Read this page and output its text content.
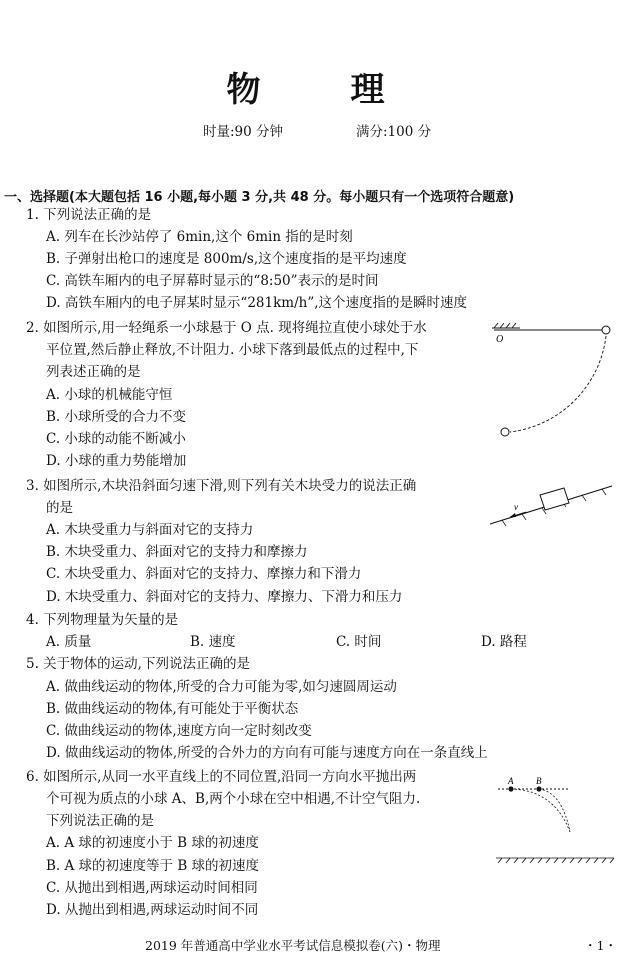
物　理
时量:90 分钟	满分:100 分
一、选择题(本大题包括 16 小题,每小题 3 分,共 48 分。每小题只有一个选项符合题意)
1. 下列说法正确的是
A. 列车在长沙站停了 6min,这个 6min 指的是时刻
B. 子弹射出枪口的速度是 800m/s,这个速度指的是平均速度
C. 高铁车厢内的电子屏幕时显示的“8:50”表示的是时间
D. 高铁车厢内的电子屏某时显示“281km/h”,这个速度指的是瞬时速度
2. 如图所示,用一轻绳系一小球悬于 O 点. 现将绳拉直使小球处于水
平位置,然后静止释放,不计阻力. 小球下落到最低点的过程中,下
列表述正确的是
A. 小球的机械能守恒
B. 小球所受的合力不变
C. 小球的动能不断减小
D. 小球的重力势能增加
O
3. 如图所示,木块沿斜面匀速下滑,则下列有关木块受力的说法正确
的是
A. 木块受重力与斜面对它的支持力
B. 木块受重力、斜面对它的支持力和摩擦力
C. 木块受重力、斜面对它的支持力、摩擦力和下滑力
D. 木块受重力、斜面对它的支持力、摩擦力、下滑力和压力
v
4. 下列物理量为矢量的是
A. 质量	B. 速度	C. 时间	D. 路程
5. 关于物体的运动,下列说法正确的是
A. 做曲线运动的物体,所受的合力可能为零,如匀速圆周运动
B. 做曲线运动的物体,有可能处于平衡状态
C. 做曲线运动的物体,速度方向一定时刻改变
D. 做曲线运动的物体,所受的合外力的方向有可能与速度方向在一条直线上
6. 如图所示,从同一水平直线上的不同位置,沿同一方向水平抛出两
个可视为质点的小球 A、B,两个小球在空中相遇,不计空气阻力.
下列说法正确的是
A. A 球的初速度小于 B 球的初速度
B. A 球的初速度等于 B 球的初速度
C. 从抛出到相遇,两球运动时间相同
D. 从抛出到相遇,两球运动时间不同
A	B
2019 年普通高中学业水平考试信息模拟卷(六)・物理	・1・
